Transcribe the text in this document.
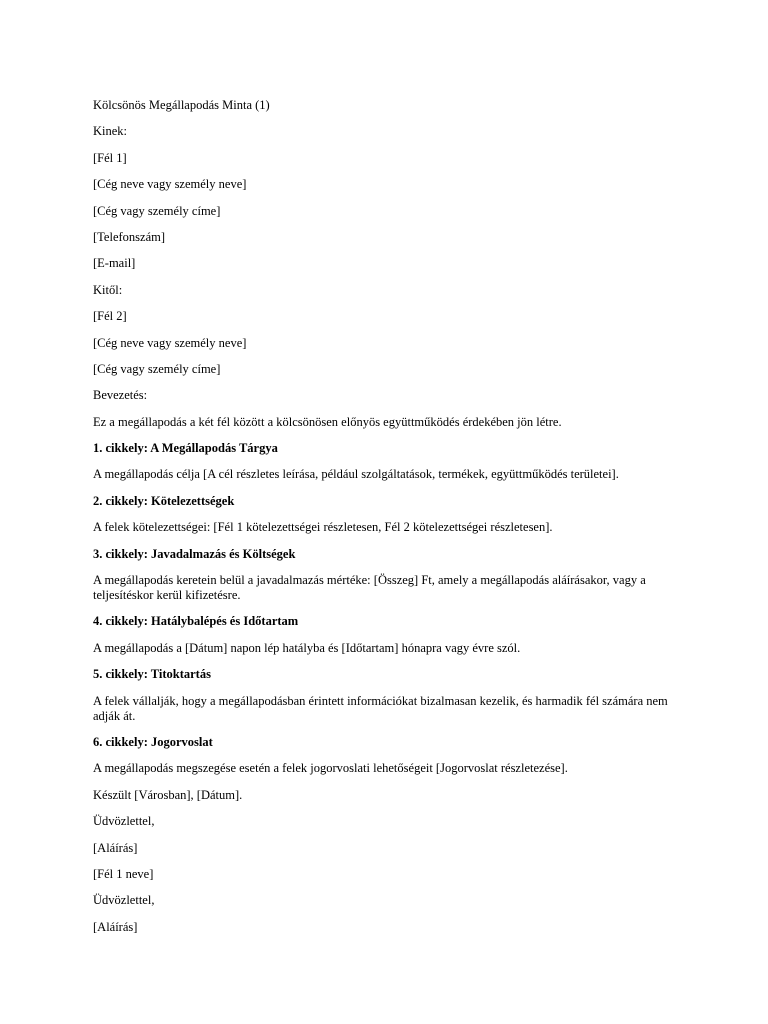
Kölcsönös Megállapodás Minta (1)

Kinek:

[Fél 1]

[Cég neve vagy személy neve]

[Cég vagy személy címe]

[Telefonszám]

[E-mail]

Kitől:

[Fél 2]

[Cég neve vagy személy neve]

[Cég vagy személy címe]

Bevezetés:

Ez a megállapodás a két fél között a kölcsönösen előnyös együttműködés érdekében jön létre.

1. cikkely: A Megállapodás Tárgya

A megállapodás célja [A cél részletes leírása, például szolgáltatások, termékek, együttműködés területei].

2. cikkely: Kötelezettségek

A felek kötelezettségei: [Fél 1 kötelezettségei részletesen, Fél 2 kötelezettségei részletesen].

3. cikkely: Javadalmazás és Költségek

A megállapodás keretein belül a javadalmazás mértéke: [Összeg] Ft, amely a megállapodás aláírásakor, vagy a teljesítéskor kerül kifizetésre.

4. cikkely: Hatálybalépés és Időtartam

A megállapodás a [Dátum] napon lép hatályba és [Időtartam] hónapra vagy évre szól.

5. cikkely: Titoktartás

A felek vállalják, hogy a megállapodásban érintett információkat bizalmasan kezelik, és harmadik fél számára nem adják át.

6. cikkely: Jogorvoslat

A megállapodás megszegése esetén a felek jogorvoslati lehetőségeit [Jogorvoslat részletezése].

Készült [Városban], [Dátum].

Üdvözlettel,

[Aláírás]

[Fél 1 neve]

Üdvözlettel,

[Aláírás]
